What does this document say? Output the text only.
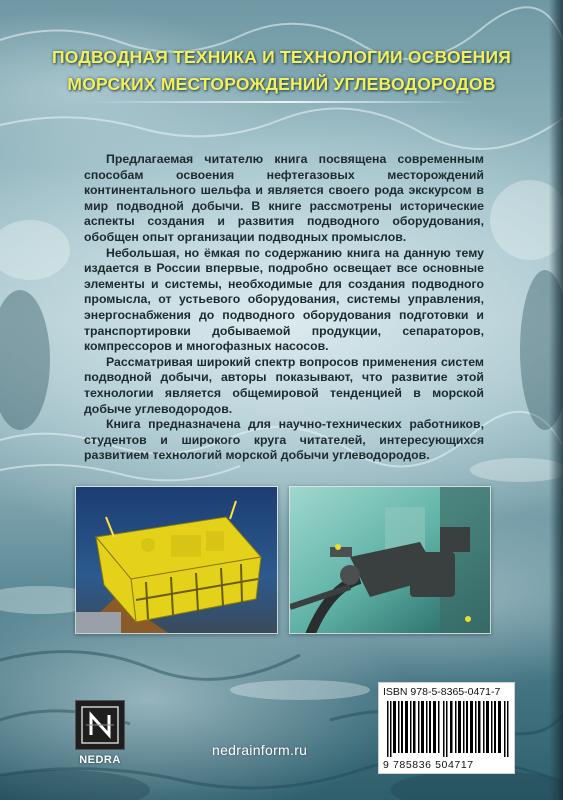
ПОДВОДНАЯ ТЕХНИКА И ТЕХНОЛОГИИ ОСВОЕНИЯ
МОРСКИХ МЕСТОРОЖДЕНИЙ УГЛЕВОДОРОДОВ

Предлагаемая читателю книга посвящена современным способам освоения нефтегазовых месторождений континентального шельфа и является своего рода экскурсом в мир подводной добычи. В книге рассмотрены исторические аспекты создания и развития подводного оборудования, обобщен опыт организации подводных промыслов.

Небольшая, но ёмкая по содержанию книга на данную тему издается в России впервые, подробно освещает все основные элементы и системы, необходимые для создания подводного промысла, от устьевого оборудования, системы управления, энергоснабжения до подводного оборудования подготовки и транспортировки добываемой продукции, сепараторов, компрессоров и многофазных насосов.

Рассматривая широкий спектр вопросов применения систем подводной добычи, авторы показывают, что развитие этой технологии является общемировой тенденцией в морской добыче углеводородов.

Книга предназначена для научно-технических работников, студентов и широкого круга читателей, интересующихся развитием технологий морской добычи углеводородов.

NEDRA
nedrainform.ru
ISBN 978-5-8365-0471-7
9 785836 504717
